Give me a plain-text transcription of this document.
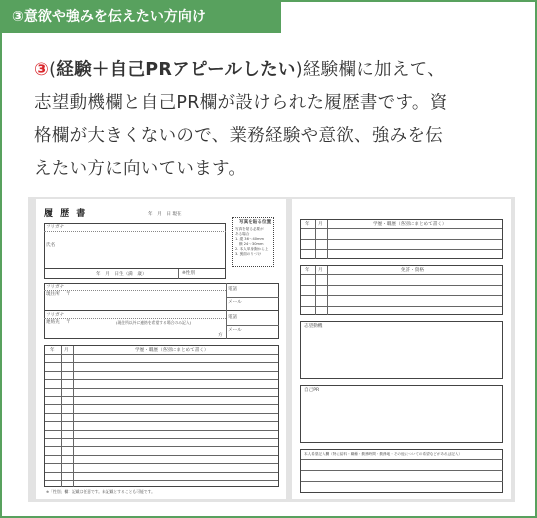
③意欲や強みを伝えたい方向け
③(経験＋自己PRアピールしたい)経験欄に加えて、
志望動機欄と自己PR欄が設けられた履歴書です。資
格欄が大きくないので、業務経験や意欲、強みを伝
えたい方に向いています。
履 歴 書	年　月　日 現在
写真を貼る位置
写真を貼る必要が
ある場合
1. 縦 36～40mm
横 24～30mm
2. 本人単身胸から上
3. 裏面のりづけ
フリガナ
氏名
年　月　日生（満　歳）	※性別
フリガナ
現住所 〒
電話
メール
フリガナ
連絡先 〒	(現住所以外に連絡を希望する場合のみ記入)
電話
メール
方
年 月	学歴・職歴（各別にまとめて書く）
※「性別」欄：記載は任意です。未記載とすることも可能です。
年 月	学歴・職歴（各別にまとめて書く）
年 月	免許・資格
志望動機
自己PR
本人希望記入欄（特に給料・職種・勤務時間・勤務地・その他についての希望などがあれば記入）
